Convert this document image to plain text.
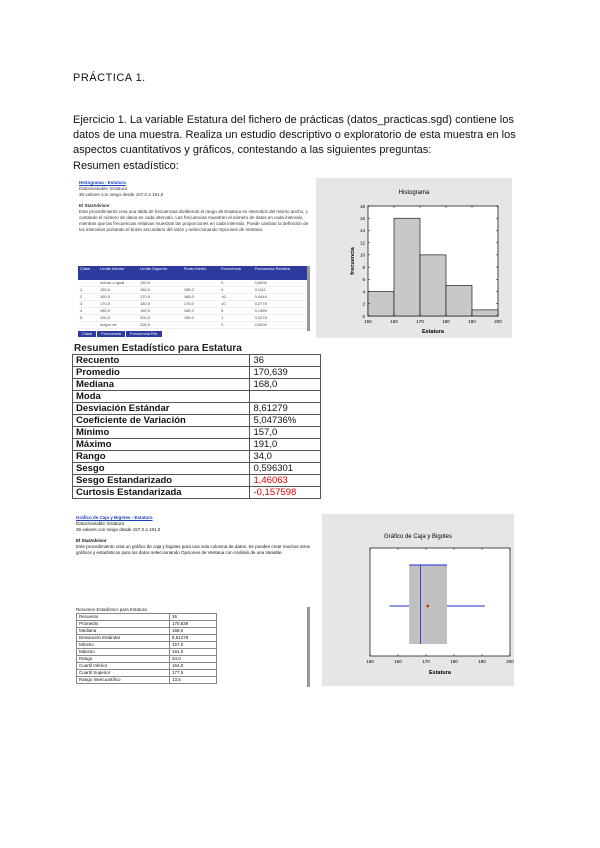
PRÁCTICA 1.

Ejercicio 1. La variable Estatura del fichero de prácticas (datos_practicas.sgd) contiene los

datos de una muestra. Realiza un estudio descriptivo o exploratorio de esta muestra en los

aspectos cuantitativos y gráficos, contestando a las siguientes preguntas:

Resumen estadístico:
Histograma - Estatura
Datos/variable: Estatura
36 valores con rango desde 157,0 a 191,0
El StatAdvisor
Este procedimiento crea una tabla de frecuencias dividiendo el rango de Estatura en intervalos del mismo ancho, y contando el número de datos en cada intervalo. Las frecuencias muestran el número de datos en cada intervalo, mientras que las frecuencias relativas muestran las proporciones en cada intervalo. Puede cambiar la definición de los intervalos pulsando el botón secundario del ratón y seleccionando Opciones de Ventana.
Clase	Límite Inferior	Límite Superior	Punto Medio	Frecuencia	Frecuencia Relativa
	menor o igual	150,0		0	0,0000
1	150,0	160,0	155,0	4	0,1111
2	160,0	170,0	165,0	16	0,4444
3	170,0	180,0	175,0	10	0,2778
4	180,0	190,0	185,0	5	0,1389
5	190,0	200,0	195,0	1	0,0278
	mayor de	200,0		0	0,0000
Clase	Frecuencia	Frecuencia Rel.
Histograma
0
2
4
6
8
10
12
14
16
18
150	160	170	180	190	200
Estatura
frecuencia
Resumen Estadístico para Estatura
Recuento	36
Promedio	170,639
Mediana	168,0
Moda	
Desviación Estándar	8,61279
Coeficiente de Variación	5,04736%
Mínimo	157,0
Máximo	191,0
Rango	34,0
Sesgo	0,596301
Sesgo Estandarizado	1,46063
Curtosis Estandarizada	-0,157598
Gráfico de Caja y Bigotes - Estatura
Datos/variable: Estatura
36 valores con rango desde 157,0 a 191,0
El StatAdvisor
Este procedimiento crea un gráfico de caja y bigotes para una sola columna de datos. Se pueden crear muchos otros gráficos y estadísticos para los datos seleccionando Opciones de Ventana con Análisis de una Variable.
Resumen Estadístico para Estatura
Recuento	36
Promedio	170,639
Mediana	168,0
Desviación Estándar	8,61279
Mínimo	157,0
Máximo	191,0
Rango	34,0
Cuartil Inferior	164,0
Cuartil Superior	177,5
Rango Intercuartílico	13,5
Gráfico de Caja y Bigotes
150	160	170	180	190	200
Estatura
